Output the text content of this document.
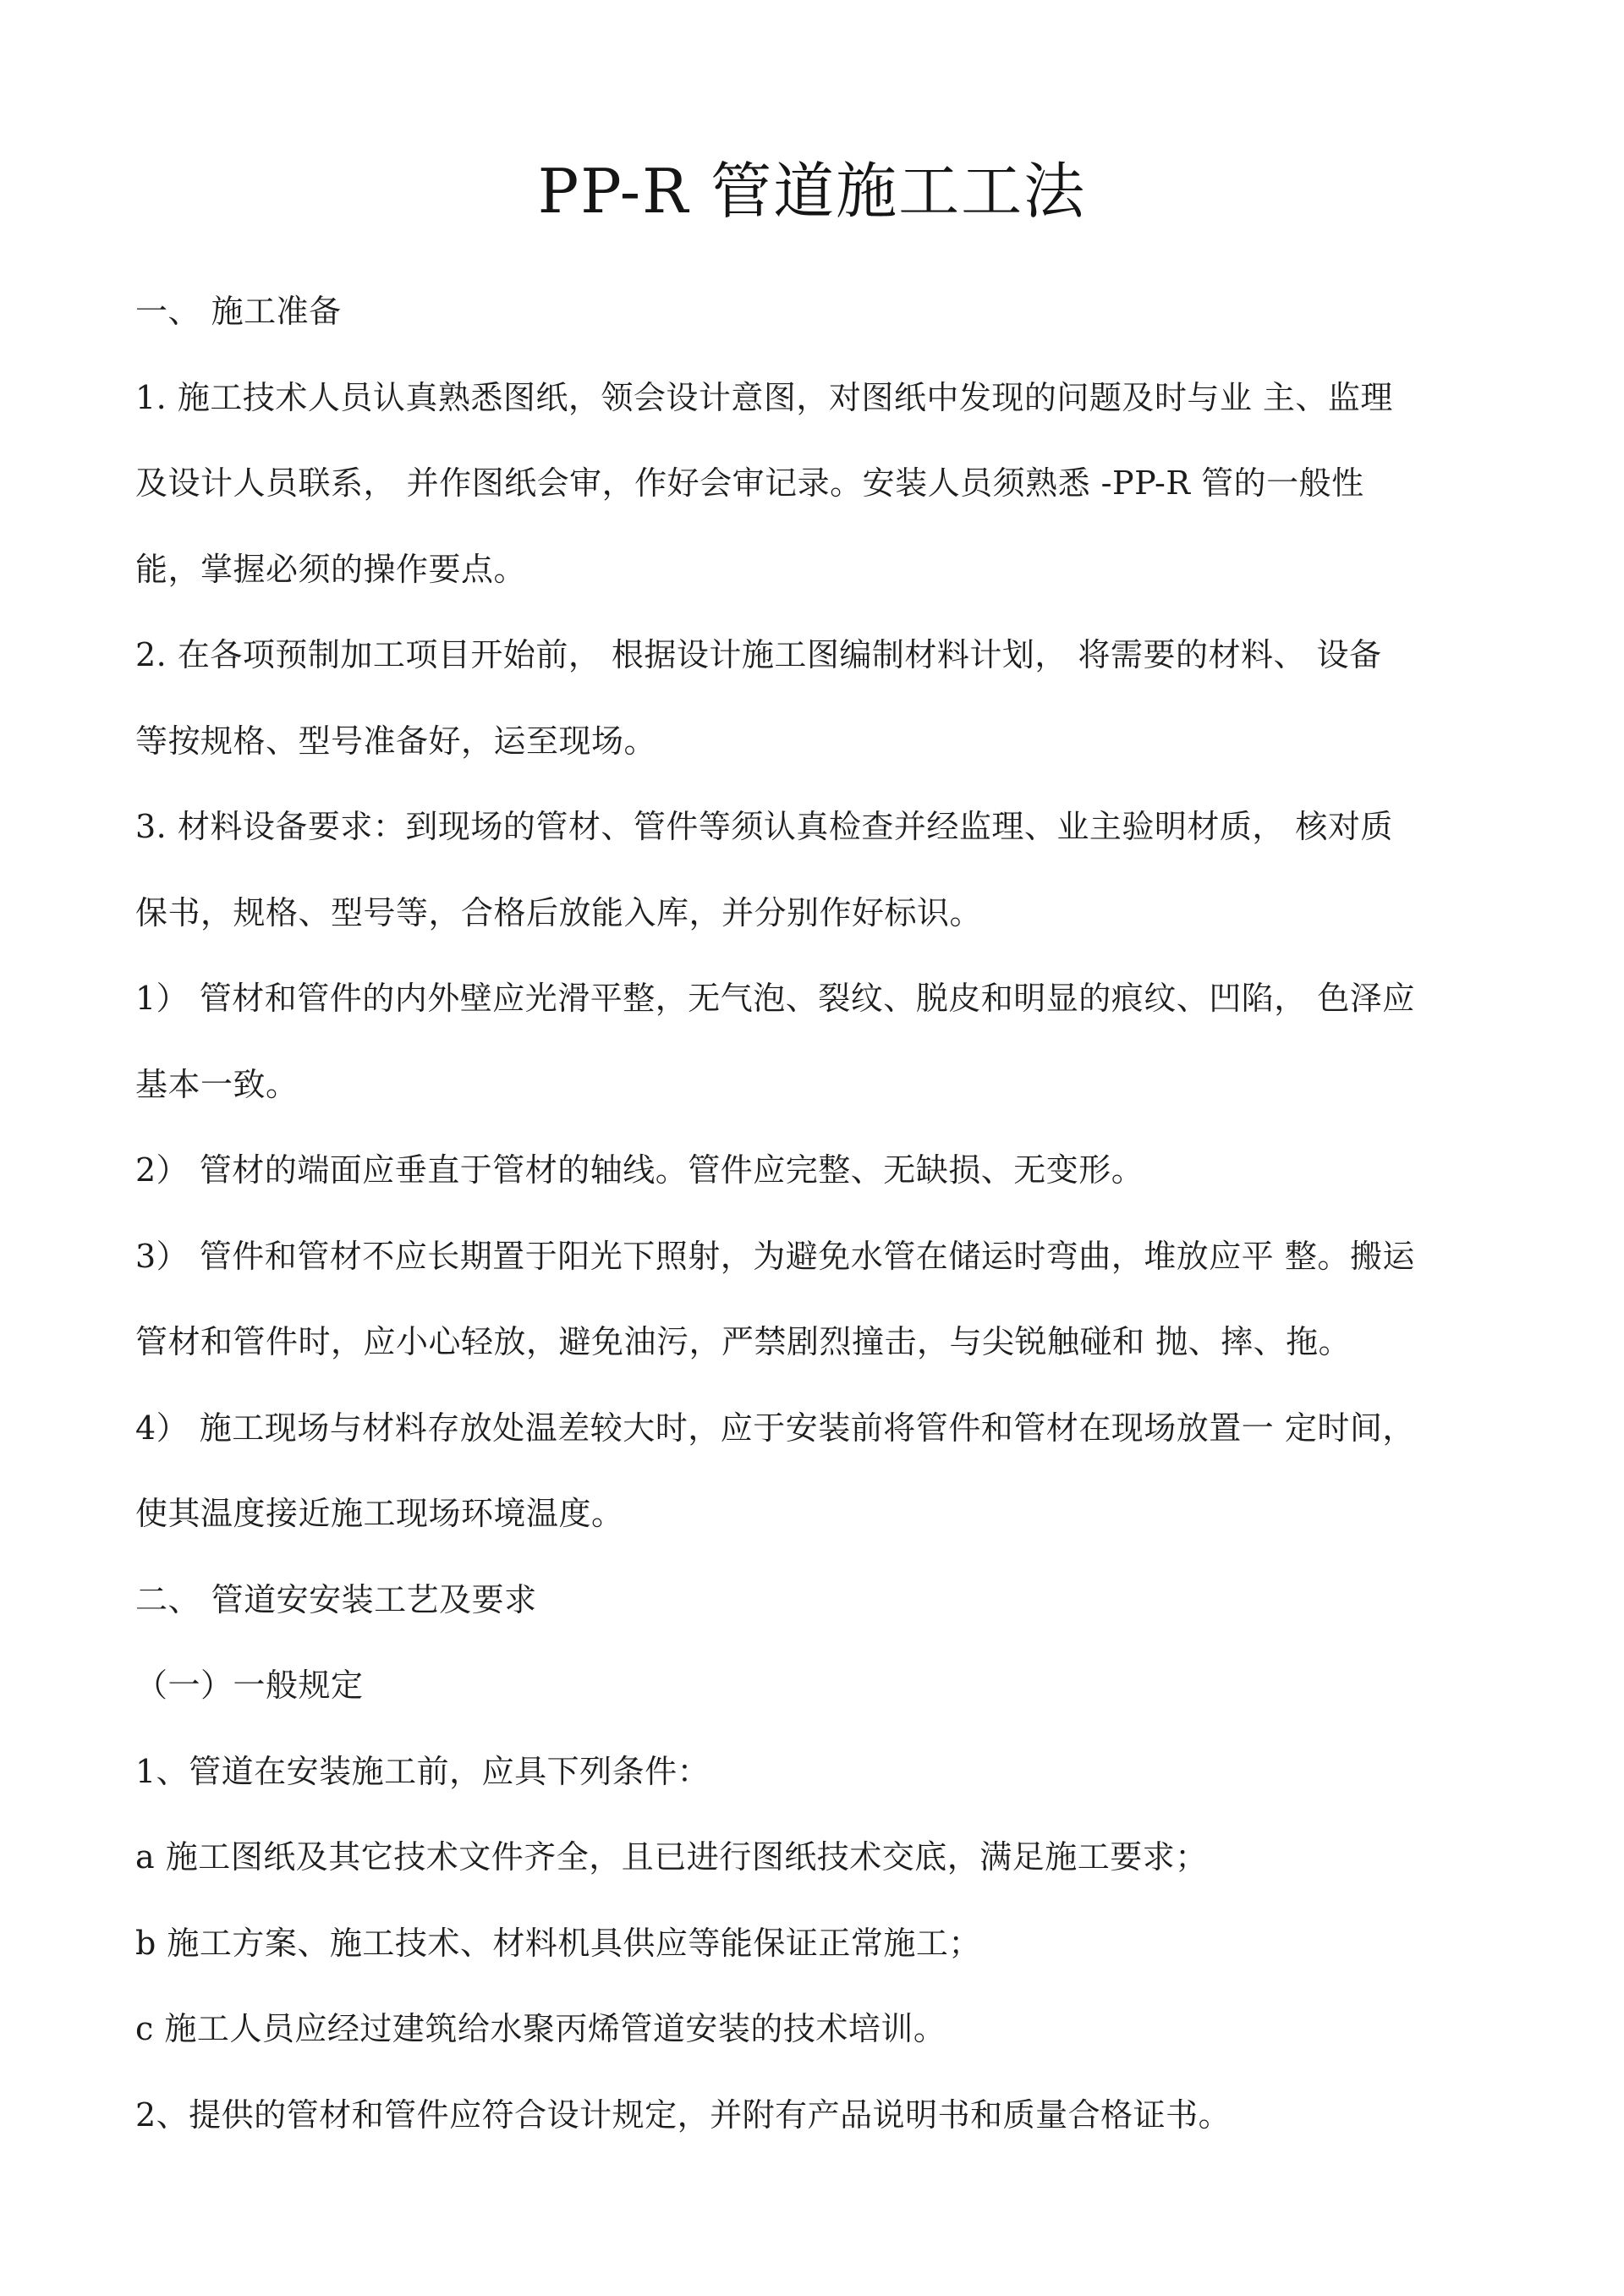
PP-R 管道施工工法
一、 施工准备
1. 施工技术人员认真熟悉图纸，领会设计意图，对图纸中发现的问题及时与业 主、监理
及设计人员联系， 并作图纸会审，作好会审记录。安装人员须熟悉 -PP-R 管的一般性
能，掌握必须的操作要点。
2. 在各项预制加工项目开始前， 根据设计施工图编制材料计划， 将需要的材料、 设备
等按规格、型号准备好，运至现场。
3. 材料设备要求：到现场的管材、管件等须认真检查并经监理、业主验明材质， 核对质
保书，规格、型号等，合格后放能入库，并分别作好标识。
1） 管材和管件的内外壁应光滑平整，无气泡、裂纹、脱皮和明显的痕纹、凹陷， 色泽应
基本一致。
2） 管材的端面应垂直于管材的轴线。管件应完整、无缺损、无变形。
3） 管件和管材不应长期置于阳光下照射，为避免水管在储运时弯曲，堆放应平 整。搬运
管材和管件时，应小心轻放，避免油污，严禁剧烈撞击，与尖锐触碰和 抛、摔、拖。
4） 施工现场与材料存放处温差较大时，应于安装前将管件和管材在现场放置一 定时间，
使其温度接近施工现场环境温度。
二、 管道安安装工艺及要求
（一）一般规定
1、管道在安装施工前，应具下列条件：
a 施工图纸及其它技术文件齐全，且已进行图纸技术交底，满足施工要求；
b 施工方案、施工技术、材料机具供应等能保证正常施工；
c 施工人员应经过建筑给水聚丙烯管道安装的技术培训。
2、提供的管材和管件应符合设计规定，并附有产品说明书和质量合格证书。
